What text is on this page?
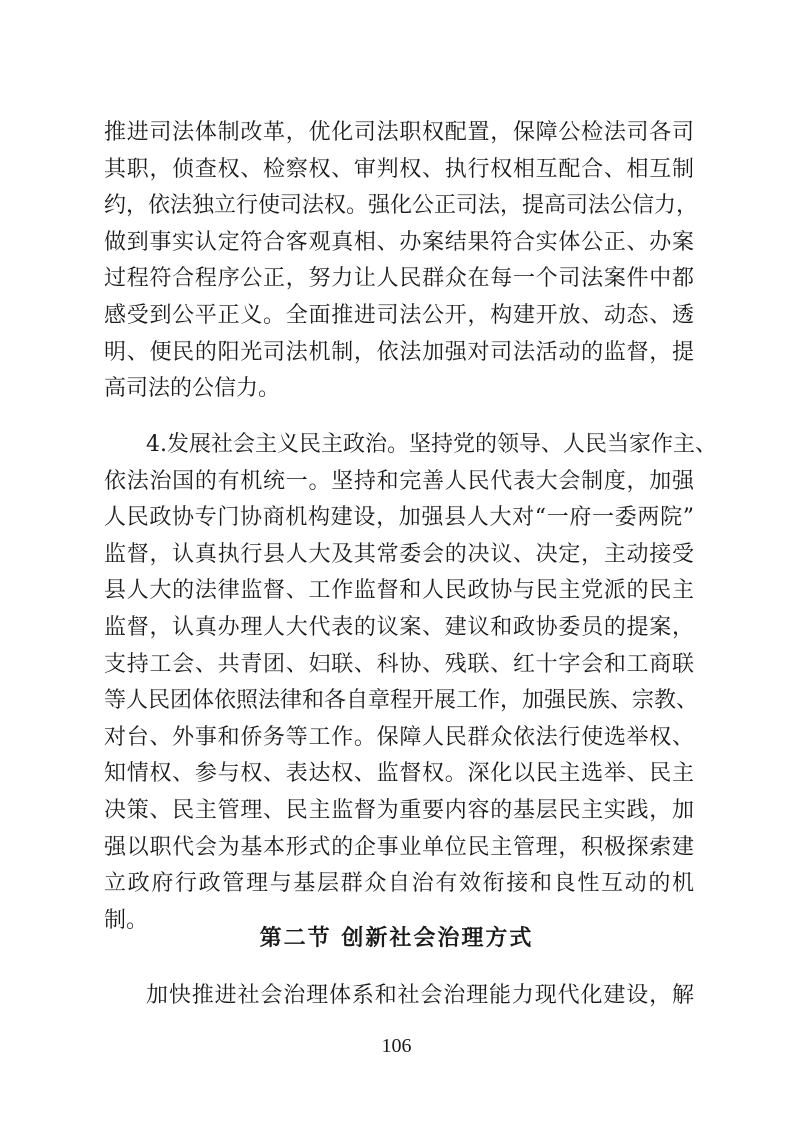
推进司法体制改革，优化司法职权配置，保障公检法司各司
其职，侦查权、检察权、审判权、执行权相互配合、相互制
约，依法独立行使司法权。强化公正司法，提高司法公信力，
做到事实认定符合客观真相、办案结果符合实体公正、办案
过程符合程序公正，努力让人民群众在每一个司法案件中都
感受到公平正义。全面推进司法公开，构建开放、动态、透
明、便民的阳光司法机制，依法加强对司法活动的监督，提
高司法的公信力。
4.发展社会主义民主政治。坚持党的领导、人民当家作主、
依法治国的有机统一。坚持和完善人民代表大会制度，加强
人民政协专门协商机构建设，加强县人大对“一府一委两院”
监督，认真执行县人大及其常委会的决议、决定，主动接受
县人大的法律监督、工作监督和人民政协与民主党派的民主
监督，认真办理人大代表的议案、建议和政协委员的提案，
支持工会、共青团、妇联、科协、残联、红十字会和工商联
等人民团体依照法律和各自章程开展工作，加强民族、宗教、
对台、外事和侨务等工作。保障人民群众依法行使选举权、
知情权、参与权、表达权、监督权。深化以民主选举、民主
决策、民主管理、民主监督为重要内容的基层民主实践，加
强以职代会为基本形式的企事业单位民主管理，积极探索建
立政府行政管理与基层群众自治有效衔接和良性互动的机
制。
第二节 创新社会治理方式
加快推进社会治理体系和社会治理能力现代化建设，解
106
